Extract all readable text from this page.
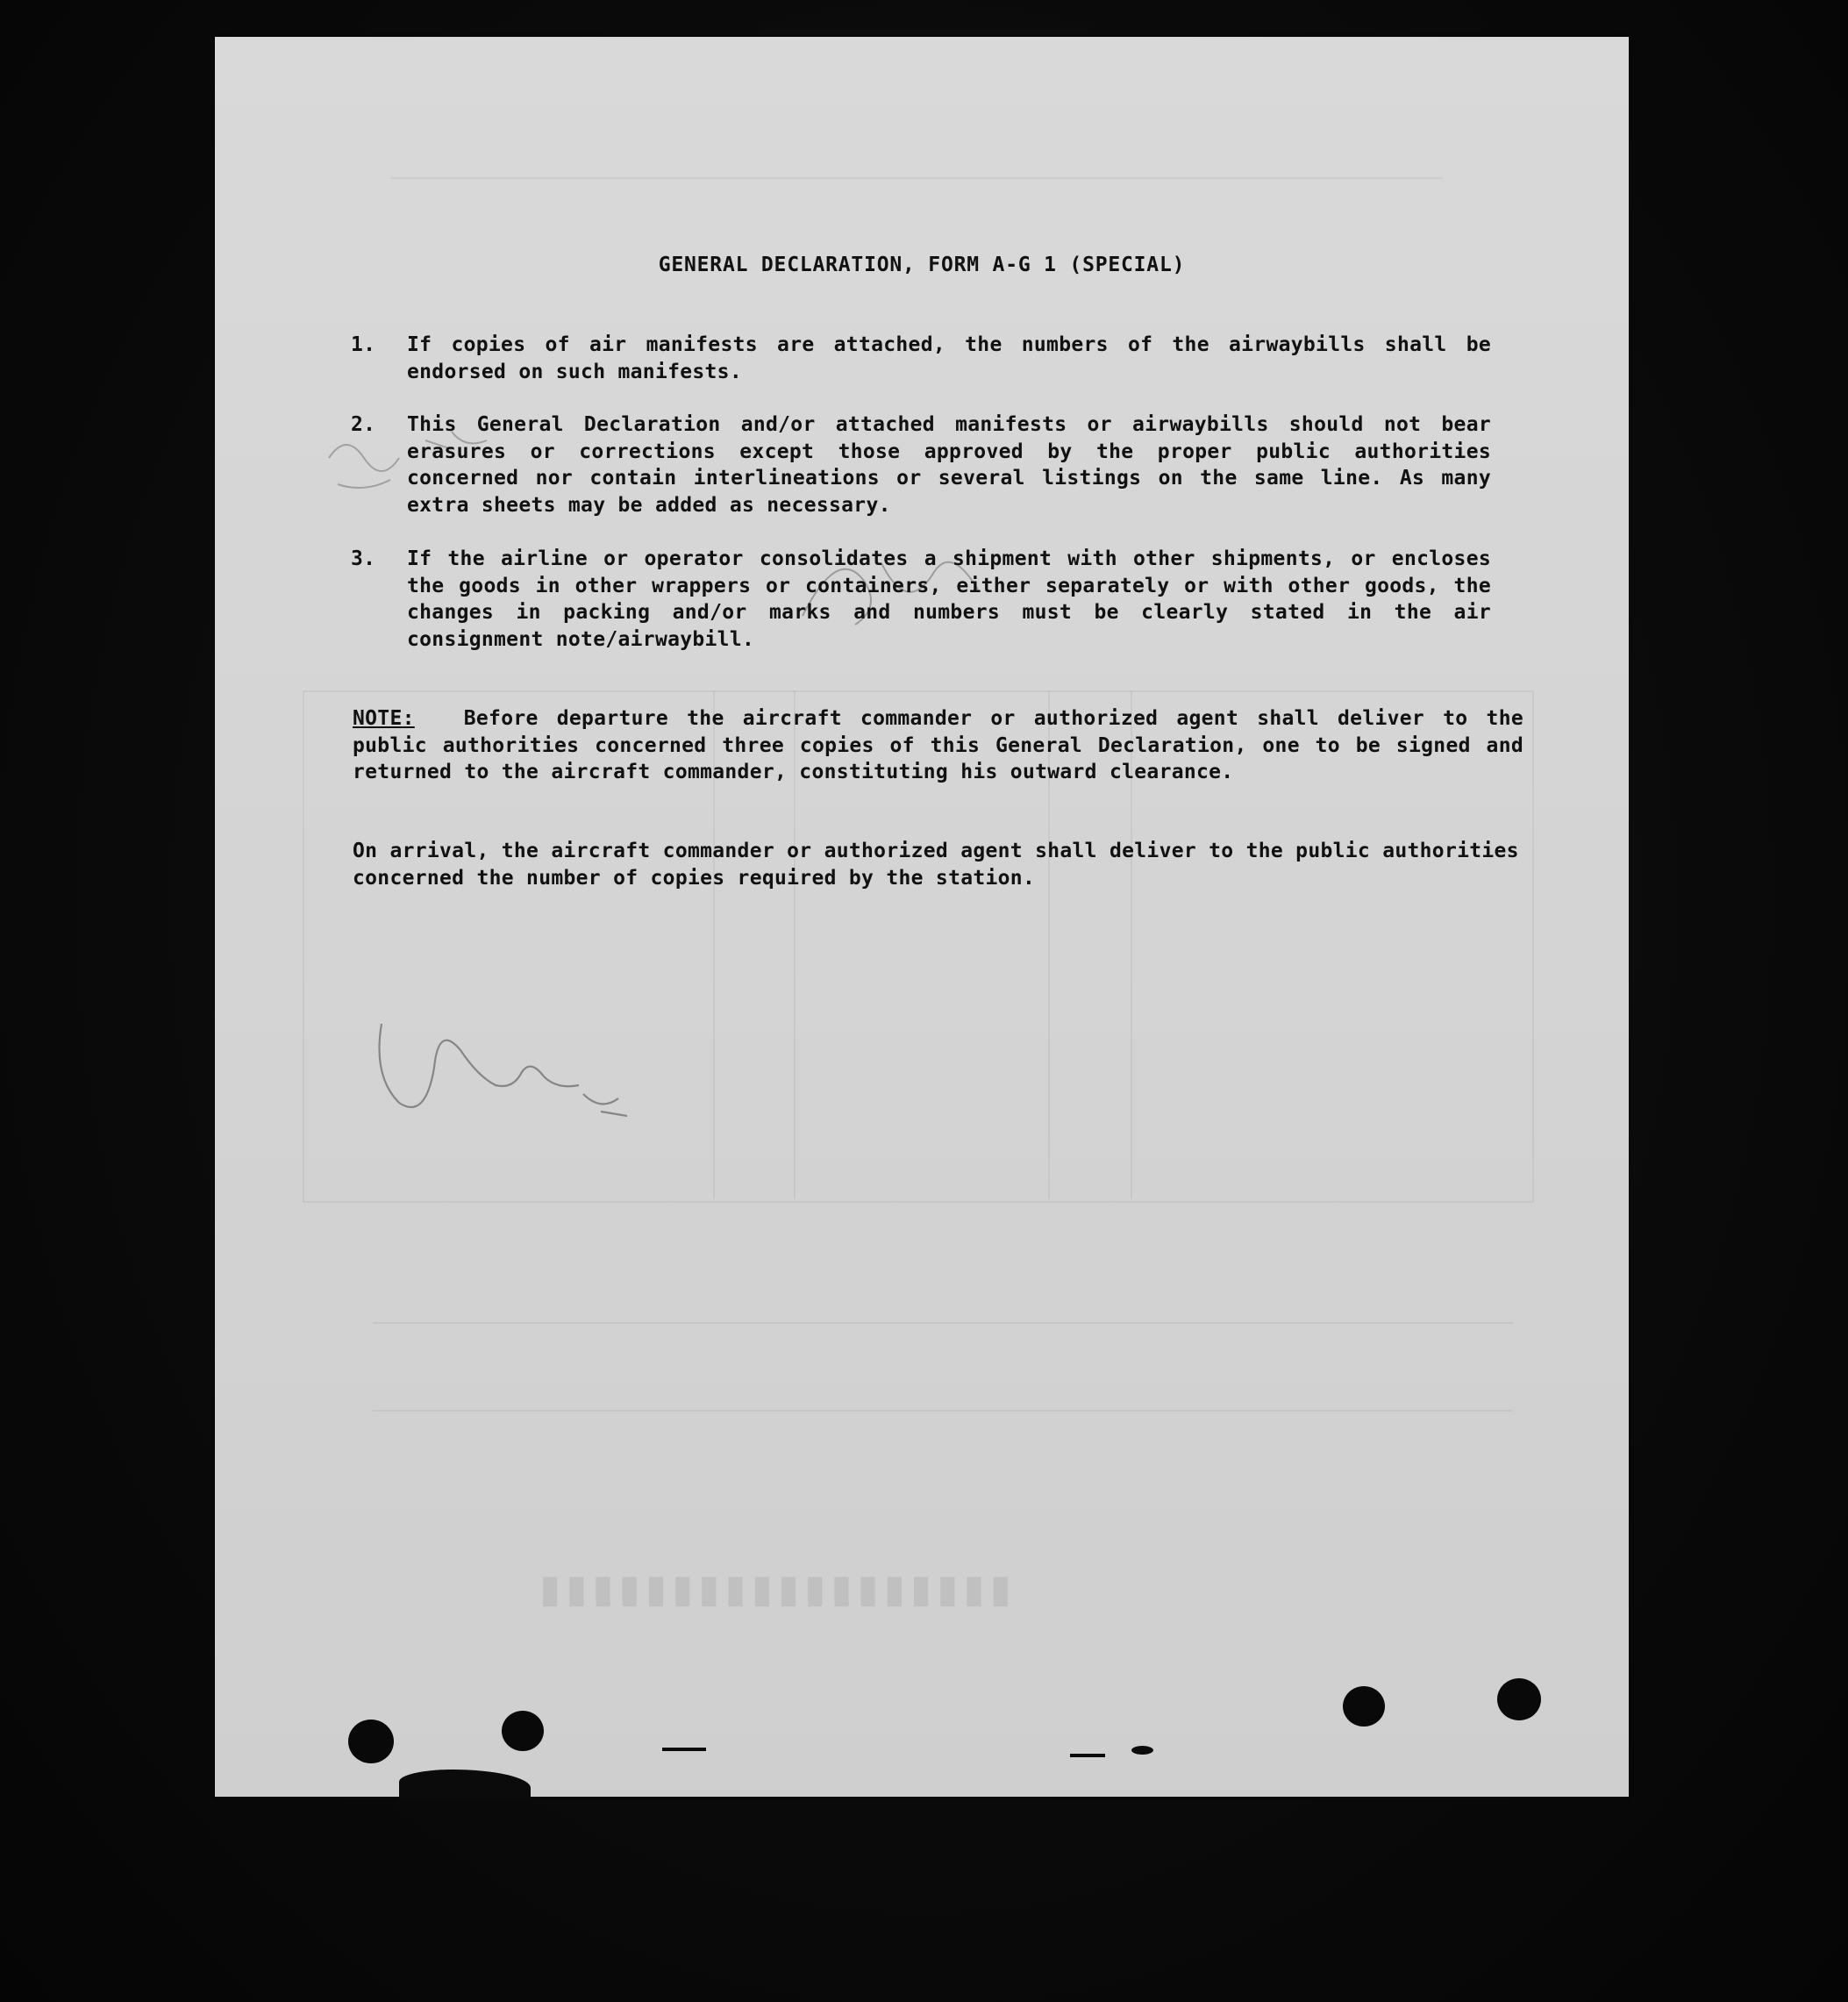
▮▮▮▮▮▮▮▮▮▮▮▮▮▮▮▮▮▮
GENERAL DECLARATION, FORM A-G 1 (SPECIAL)
1.	If copies of air manifests are attached, the numbers of the airwaybills shall be endorsed on such manifests.
2.	This General Declaration and/or attached manifests or airwaybills should not bear erasures or corrections except those approved by the proper public authorities concerned nor contain interlineations or several listings on the same line. As many extra sheets may be added as necessary.
3.	If the airline or operator consolidates a shipment with other shipments, or encloses the goods in other wrappers or containers, either separately or with other goods, the changes in packing and/or marks and numbers must be clearly stated in the air consignment note/airwaybill.
NOTE: Before departure the aircraft commander or authorized agent shall deliver to the public authorities concerned three copies of this General Declaration, one to be signed and returned to the aircraft commander, constituting his outward clearance.
On arrival, the aircraft commander or authorized agent shall deliver to the public authorities concerned the number of copies required by the station.
